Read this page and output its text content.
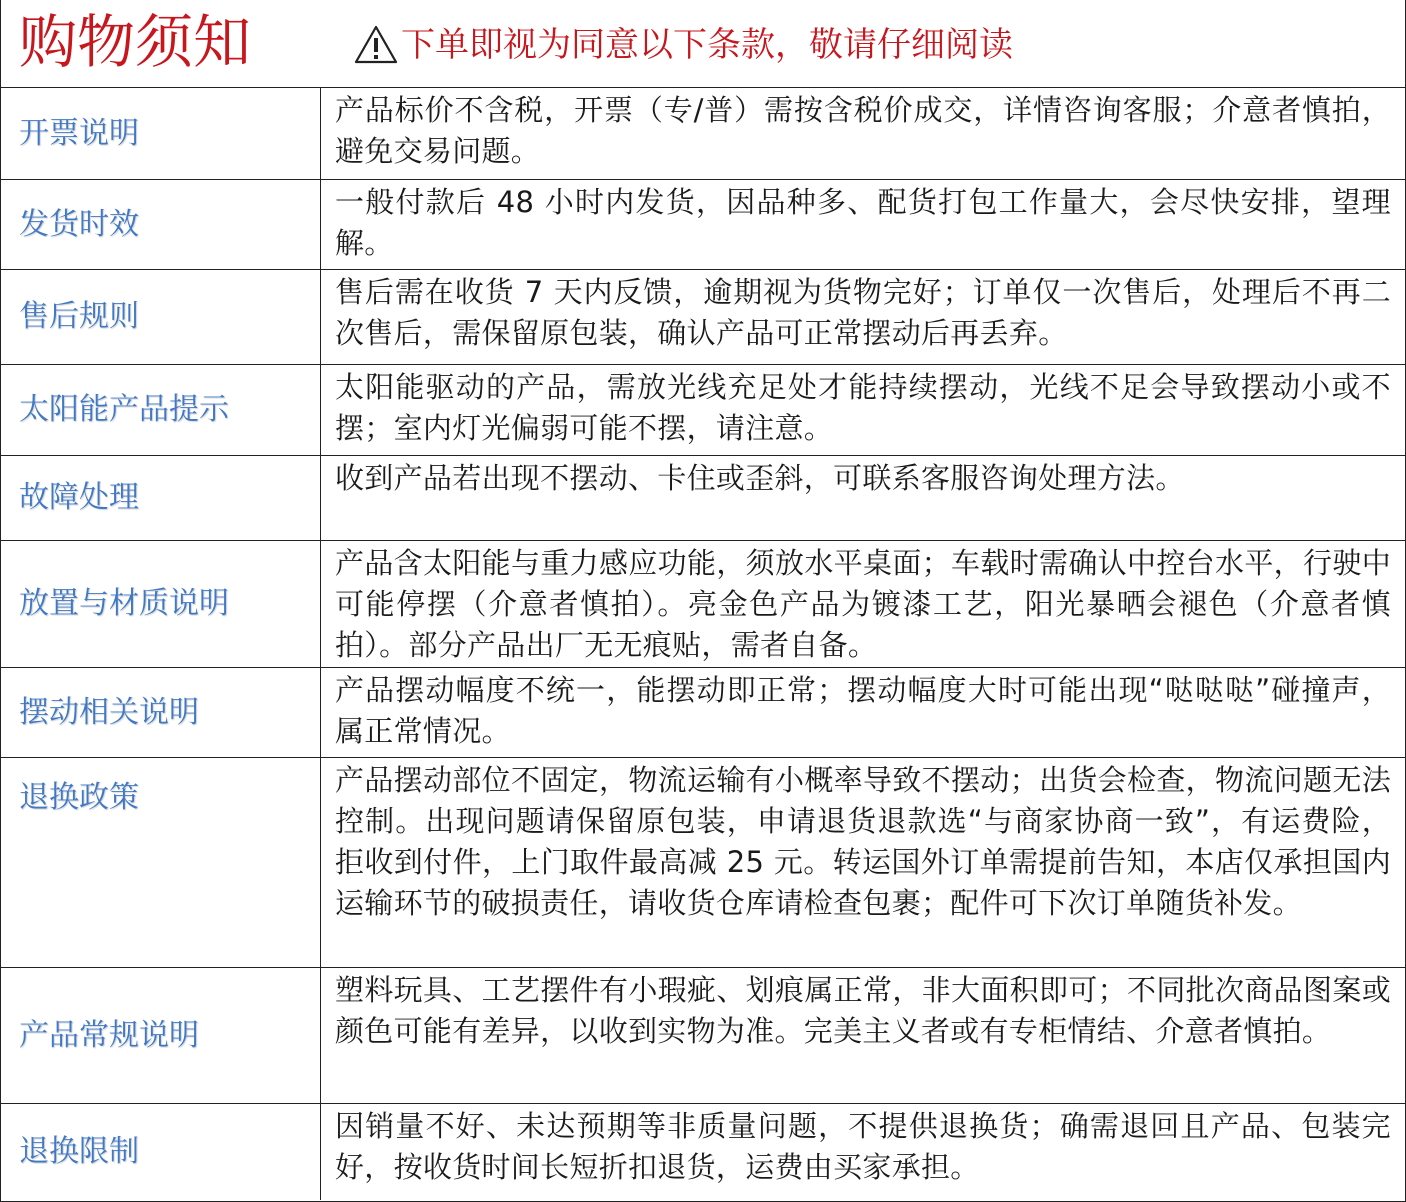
购物须知	下单即视为同意以下条款，敬请仔细阅读
开票说明
产品标价不含税，开票（专/普）需按含税价成交，详情咨询客服；介意者慎拍，避免交易问题。
发货时效
一般付款后 48 小时内发货，因品种多、配货打包工作量大，会尽快安排，望理解。
售后规则
售后需在收货 7 天内反馈，逾期视为货物完好；订单仅一次售后，处理后不再二次售后，需保留原包装，确认产品可正常摆动后再丢弃。
太阳能产品提示
太阳能驱动的产品，需放光线充足处才能持续摆动，光线不足会导致摆动小或不摆；室内灯光偏弱可能不摆，请注意。
故障处理
收到产品若出现不摆动、卡住或歪斜，可联系客服咨询处理方法。
放置与材质说明
产品含太阳能与重力感应功能，须放水平桌面；车载时需确认中控台水平，行驶中可能停摆（介意者慎拍）。亮金色产品为镀漆工艺，阳光暴晒会褪色（介意者慎拍）。部分产品出厂无无痕贴，需者自备。
摆动相关说明
产品摆动幅度不统一，能摆动即正常；摆动幅度大时可能出现“哒哒哒”碰撞声，属正常情况。
退换政策	产品摆动部位不固定，物流运输有小概率导致不摆动；出货会检查，物流问题无法控制。出现问题请保留原包装，申请退货退款选“与商家协商一致”，有运费险，拒收到付件，上门取件最高减 25 元。转运国外订单需提前告知，本店仅承担国内运输环节的破损责任，请收货仓库请检查包裹；配件可下次订单随货补发。
产品常规说明
塑料玩具、工艺摆件有小瑕疵、划痕属正常，非大面积即可；不同批次商品图案或颜色可能有差异，以收到实物为准。完美主义者或有专柜情结、介意者慎拍。
退换限制
因销量不好、未达预期等非质量问题，不提供退换货；确需退回且产品、包装完好，按收货时间长短折扣退货，运费由买家承担。
